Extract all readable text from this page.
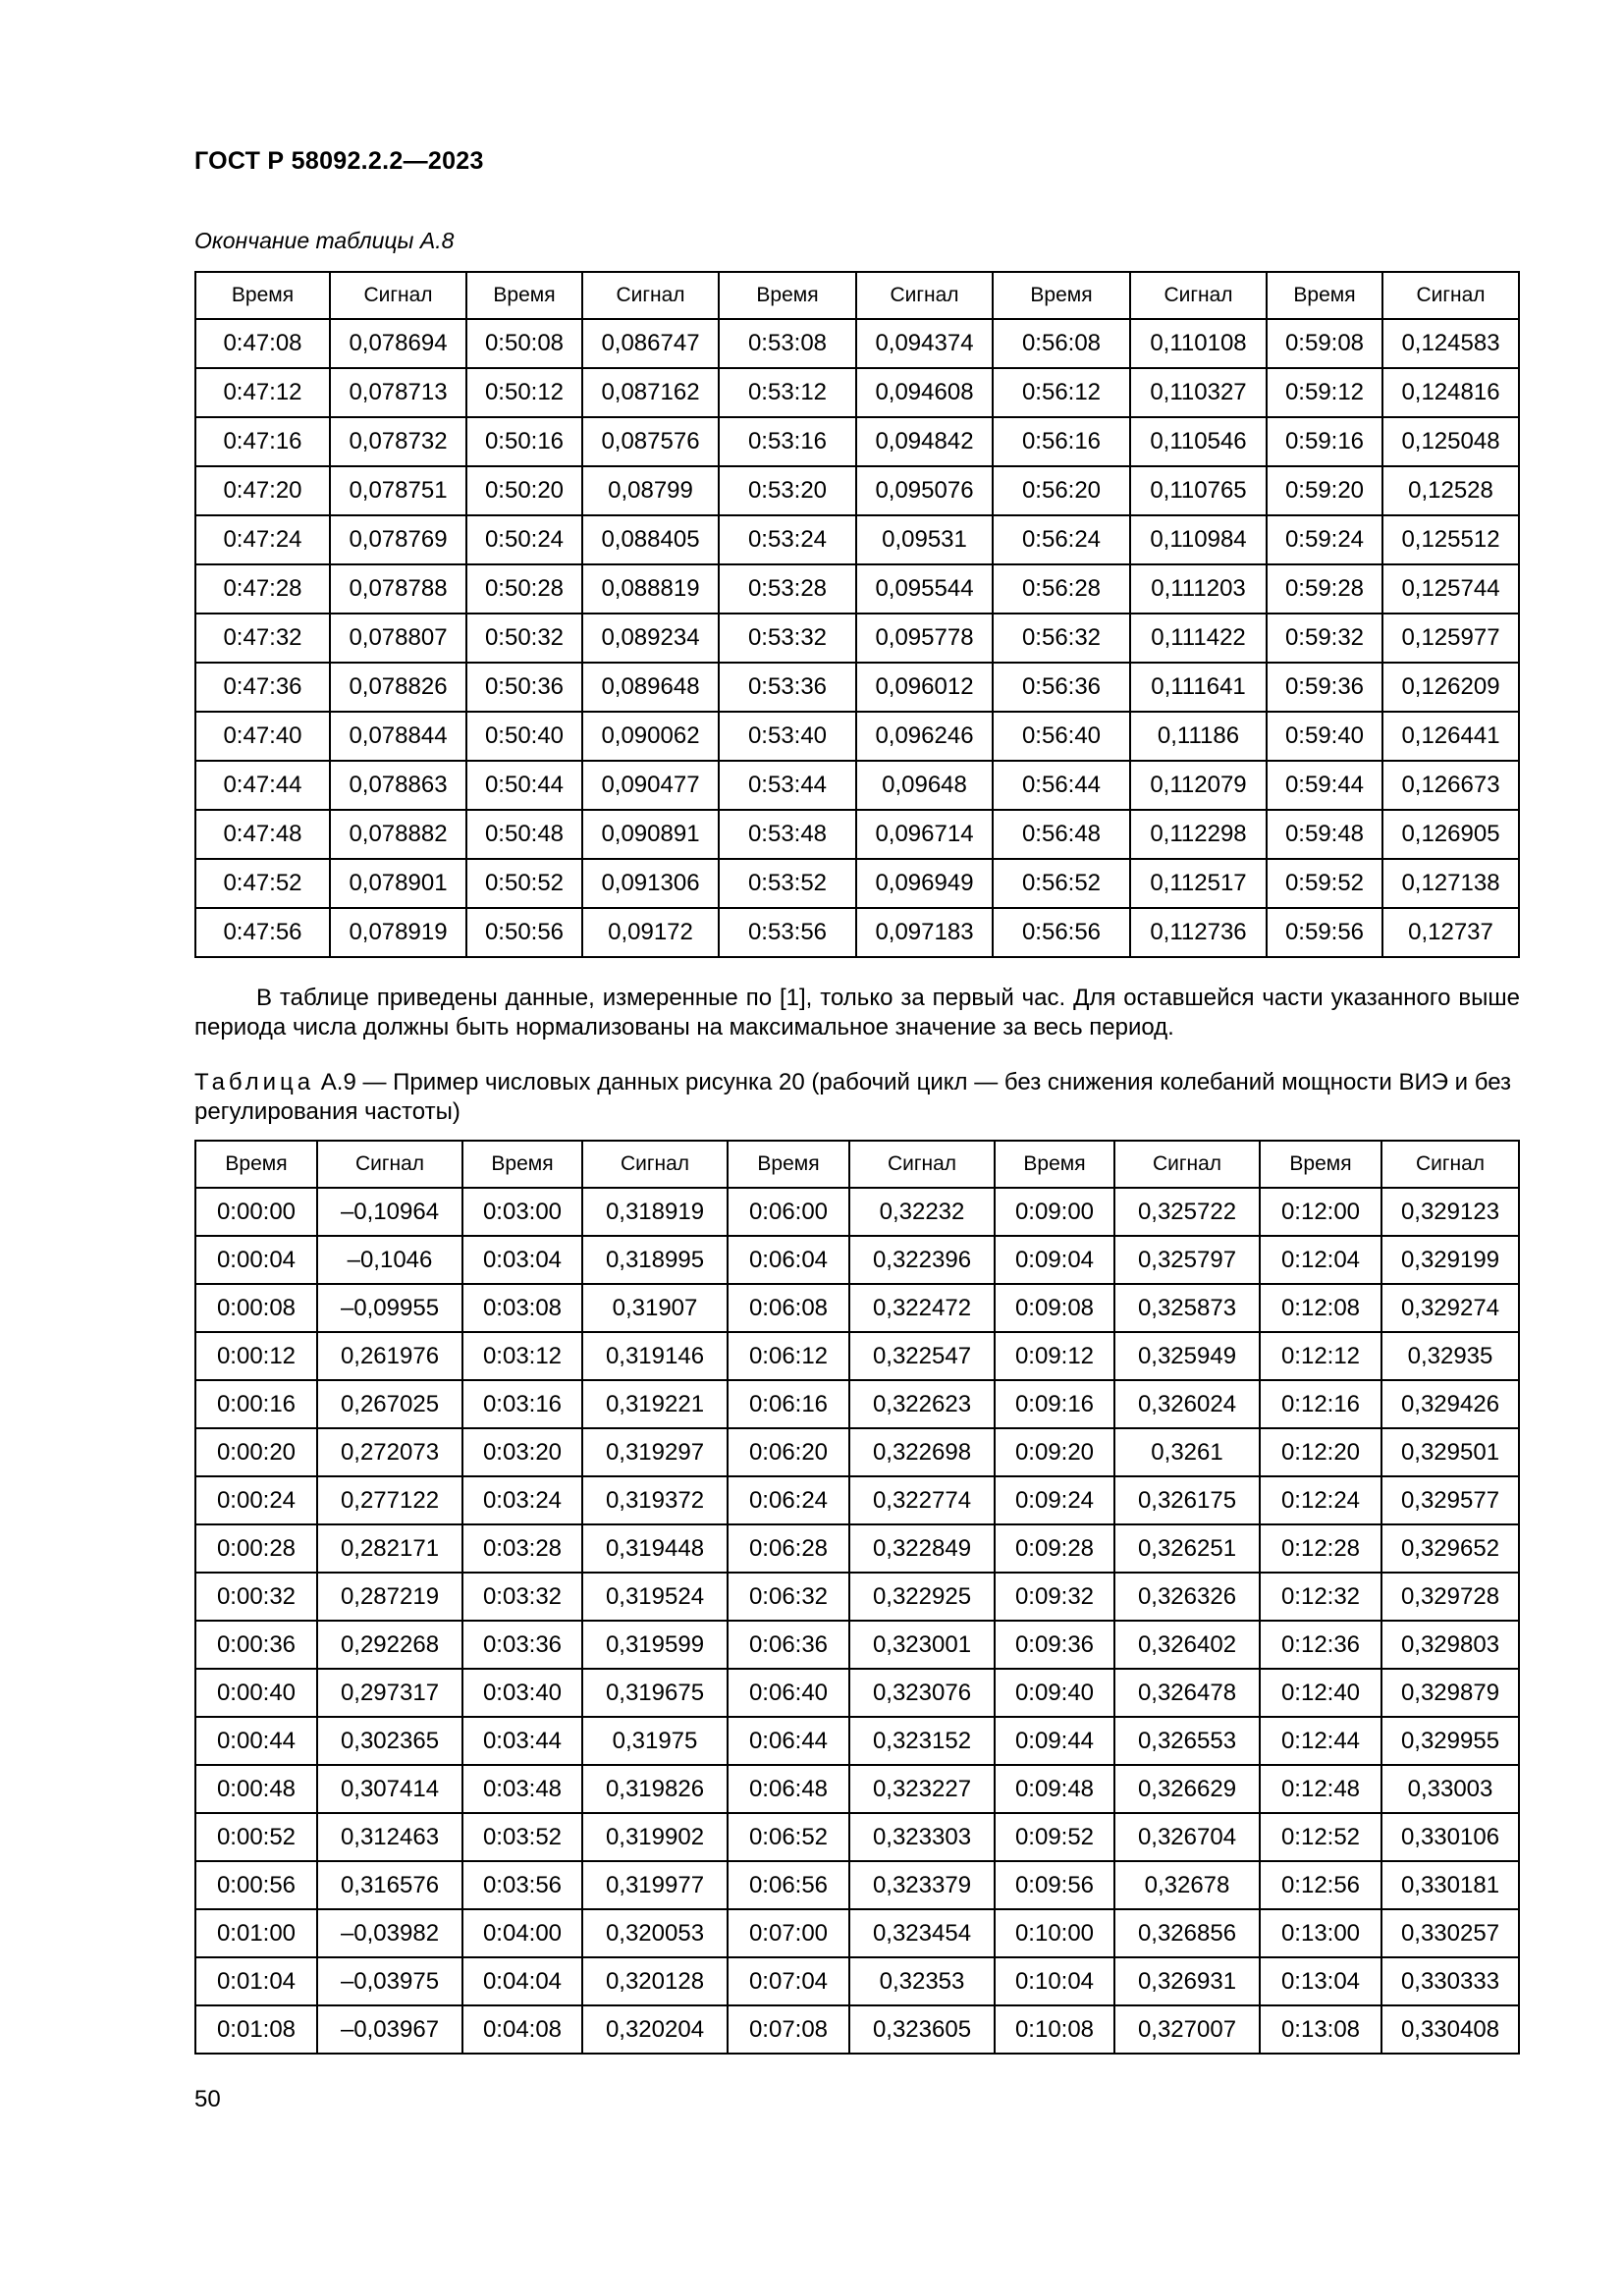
ГОСТ Р 58092.2.2—2023
Окончание таблицы А.8
Время	Сигнал	Время	Сигнал	Время	Сигнал	Время	Сигнал	Время	Сигнал
0:47:08	0,078694	0:50:08	0,086747	0:53:08	0,094374	0:56:08	0,110108	0:59:08	0,124583
0:47:12	0,078713	0:50:12	0,087162	0:53:12	0,094608	0:56:12	0,110327	0:59:12	0,124816
0:47:16	0,078732	0:50:16	0,087576	0:53:16	0,094842	0:56:16	0,110546	0:59:16	0,125048
0:47:20	0,078751	0:50:20	0,08799	0:53:20	0,095076	0:56:20	0,110765	0:59:20	0,12528
0:47:24	0,078769	0:50:24	0,088405	0:53:24	0,09531	0:56:24	0,110984	0:59:24	0,125512
0:47:28	0,078788	0:50:28	0,088819	0:53:28	0,095544	0:56:28	0,111203	0:59:28	0,125744
0:47:32	0,078807	0:50:32	0,089234	0:53:32	0,095778	0:56:32	0,111422	0:59:32	0,125977
0:47:36	0,078826	0:50:36	0,089648	0:53:36	0,096012	0:56:36	0,111641	0:59:36	0,126209
0:47:40	0,078844	0:50:40	0,090062	0:53:40	0,096246	0:56:40	0,11186	0:59:40	0,126441
0:47:44	0,078863	0:50:44	0,090477	0:53:44	0,09648	0:56:44	0,112079	0:59:44	0,126673
0:47:48	0,078882	0:50:48	0,090891	0:53:48	0,096714	0:56:48	0,112298	0:59:48	0,126905
0:47:52	0,078901	0:50:52	0,091306	0:53:52	0,096949	0:56:52	0,112517	0:59:52	0,127138
0:47:56	0,078919	0:50:56	0,09172	0:53:56	0,097183	0:56:56	0,112736	0:59:56	0,12737
В таблице приведены данные, измеренные по [1], только за первый час. Для оставшейся части указанного выше периода числа должны быть нормализованы на максимальное значение за весь период.
Таблица А.9 — Пример числовых данных рисунка 20 (рабочий цикл — без снижения колебаний мощности ВИЭ и без регулирования частоты)
Время	Сигнал	Время	Сигнал	Время	Сигнал	Время	Сигнал	Время	Сигнал
0:00:00	–0,10964	0:03:00	0,318919	0:06:00	0,32232	0:09:00	0,325722	0:12:00	0,329123
0:00:04	–0,1046	0:03:04	0,318995	0:06:04	0,322396	0:09:04	0,325797	0:12:04	0,329199
0:00:08	–0,09955	0:03:08	0,31907	0:06:08	0,322472	0:09:08	0,325873	0:12:08	0,329274
0:00:12	0,261976	0:03:12	0,319146	0:06:12	0,322547	0:09:12	0,325949	0:12:12	0,32935
0:00:16	0,267025	0:03:16	0,319221	0:06:16	0,322623	0:09:16	0,326024	0:12:16	0,329426
0:00:20	0,272073	0:03:20	0,319297	0:06:20	0,322698	0:09:20	0,3261	0:12:20	0,329501
0:00:24	0,277122	0:03:24	0,319372	0:06:24	0,322774	0:09:24	0,326175	0:12:24	0,329577
0:00:28	0,282171	0:03:28	0,319448	0:06:28	0,322849	0:09:28	0,326251	0:12:28	0,329652
0:00:32	0,287219	0:03:32	0,319524	0:06:32	0,322925	0:09:32	0,326326	0:12:32	0,329728
0:00:36	0,292268	0:03:36	0,319599	0:06:36	0,323001	0:09:36	0,326402	0:12:36	0,329803
0:00:40	0,297317	0:03:40	0,319675	0:06:40	0,323076	0:09:40	0,326478	0:12:40	0,329879
0:00:44	0,302365	0:03:44	0,31975	0:06:44	0,323152	0:09:44	0,326553	0:12:44	0,329955
0:00:48	0,307414	0:03:48	0,319826	0:06:48	0,323227	0:09:48	0,326629	0:12:48	0,33003
0:00:52	0,312463	0:03:52	0,319902	0:06:52	0,323303	0:09:52	0,326704	0:12:52	0,330106
0:00:56	0,316576	0:03:56	0,319977	0:06:56	0,323379	0:09:56	0,32678	0:12:56	0,330181
0:01:00	–0,03982	0:04:00	0,320053	0:07:00	0,323454	0:10:00	0,326856	0:13:00	0,330257
0:01:04	–0,03975	0:04:04	0,320128	0:07:04	0,32353	0:10:04	0,326931	0:13:04	0,330333
0:01:08	–0,03967	0:04:08	0,320204	0:07:08	0,323605	0:10:08	0,327007	0:13:08	0,330408
50
